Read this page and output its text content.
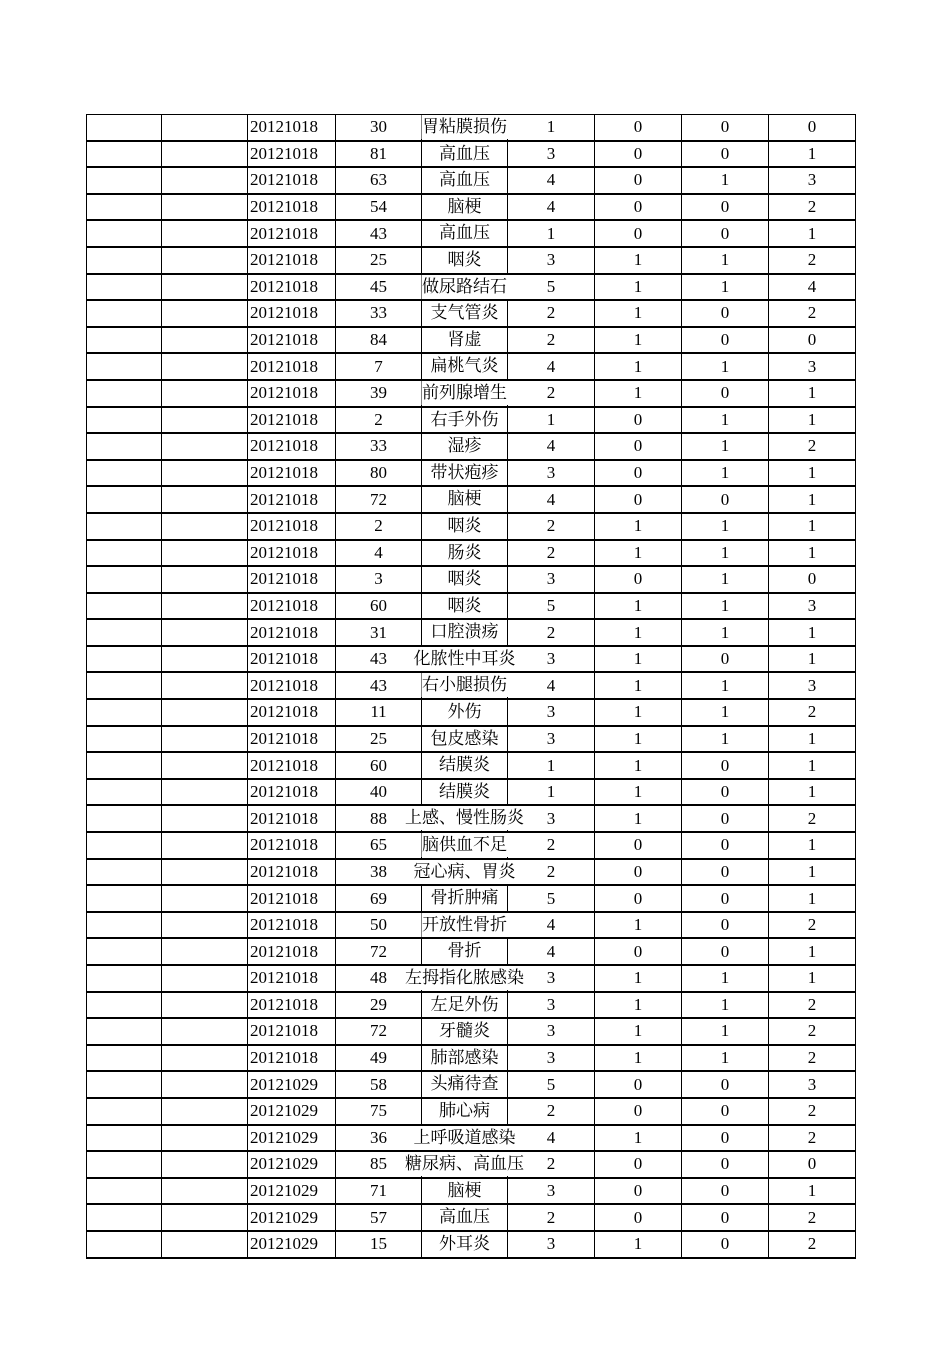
		20121018	30	胃粘膜损伤	1	0	0	0
		20121018	81	高血压	3	0	0	1
		20121018	63	高血压	4	0	1	3
		20121018	54	脑梗	4	0	0	2
		20121018	43	高血压	1	0	0	1
		20121018	25	咽炎	3	1	1	2
		20121018	45	做尿路结石	5	1	1	4
		20121018	33	支气管炎	2	1	0	2
		20121018	84	肾虚	2	1	0	0
		20121018	7	扁桃气炎	4	1	1	3
		20121018	39	前列腺增生	2	1	0	1
		20121018	2	右手外伤	1	0	1	1
		20121018	33	湿疹	4	0	1	2
		20121018	80	带状疱疹	3	0	1	1
		20121018	72	脑梗	4	0	0	1
		20121018	2	咽炎	2	1	1	1
		20121018	4	肠炎	2	1	1	1
		20121018	3	咽炎	3	0	1	0
		20121018	60	咽炎	5	1	1	3
		20121018	31	口腔溃疡	2	1	1	1
		20121018	43	化脓性中耳炎	3	1	0	1
		20121018	43	右小腿损伤	4	1	1	3
		20121018	11	外伤	3	1	1	2
		20121018	25	包皮感染	3	1	1	1
		20121018	60	结膜炎	1	1	0	1
		20121018	40	结膜炎	1	1	0	1
		20121018	88	上感、慢性肠炎	3	1	0	2
		20121018	65	脑供血不足	2	0	0	1
		20121018	38	冠心病、胃炎	2	0	0	1
		20121018	69	骨折肿痛	5	0	0	1
		20121018	50	开放性骨折	4	1	0	2
		20121018	72	骨折	4	0	0	1
		20121018	48	左拇指化脓感染	3	1	1	1
		20121018	29	左足外伤	3	1	1	2
		20121018	72	牙髓炎	3	1	1	2
		20121018	49	肺部感染	3	1	1	2
		20121029	58	头痛待查	5	0	0	3
		20121029	75	肺心病	2	0	0	2
		20121029	36	上呼吸道感染	4	1	0	2
		20121029	85	糖尿病、高血压	2	0	0	0
		20121029	71	脑梗	3	0	0	1
		20121029	57	高血压	2	0	0	2
		20121029	15	外耳炎	3	1	0	2
